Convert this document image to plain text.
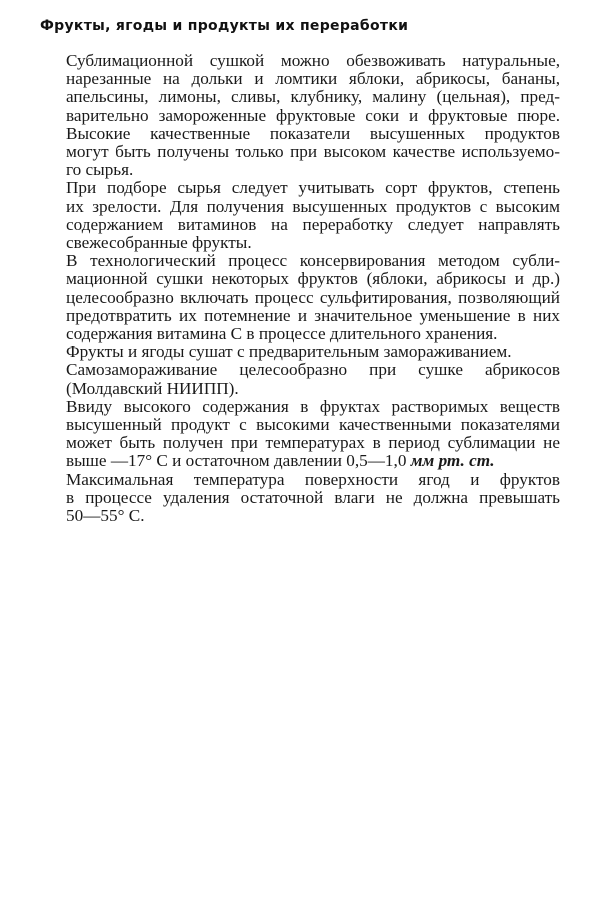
Фрукты, ягоды и продукты их переработки

Сублимационной сушкой можно обезвоживать натуральные,
нарезанные на дольки и ломтики яблоки, абрикосы, бананы,
апельсины, лимоны, сливы, клубнику, малину (цельная), пред-
варительно замороженные фруктовые соки и фруктовые пюре.

Высокие качественные показатели высушенных продуктов
могут быть получены только при высоком качестве используемо-
го сырья.

При подборе сырья следует учитывать сорт фруктов, степень
их зрелости. Для получения высушенных продуктов с высоким
содержанием витаминов на переработку следует направлять
свежесобранные фрукты.

В технологический процесс консервирования методом субли-
мационной сушки некоторых фруктов (яблоки, абрикосы и др.)
целесообразно включать процесс сульфитирования, позволяющий
предотвратить их потемнение и значительное уменьшение в них
содержания витамина С в процессе длительного хранения.

Фрукты и ягоды сушат с предварительным замораживанием.

Самозамораживание целесообразно при сушке абрикосов
(Молдавский НИИПП).

Ввиду высокого содержания в фруктах растворимых веществ
высушенный продукт с высокими качественными показателями
может быть получен при температурах в период сублимации не
выше —17° С и остаточном давлении 0,5—1,0 мм рт. ст.

Максимальная температура поверхности ягод и фруктов
в процессе удаления остаточной влаги не должна превышать
50—55° С.
